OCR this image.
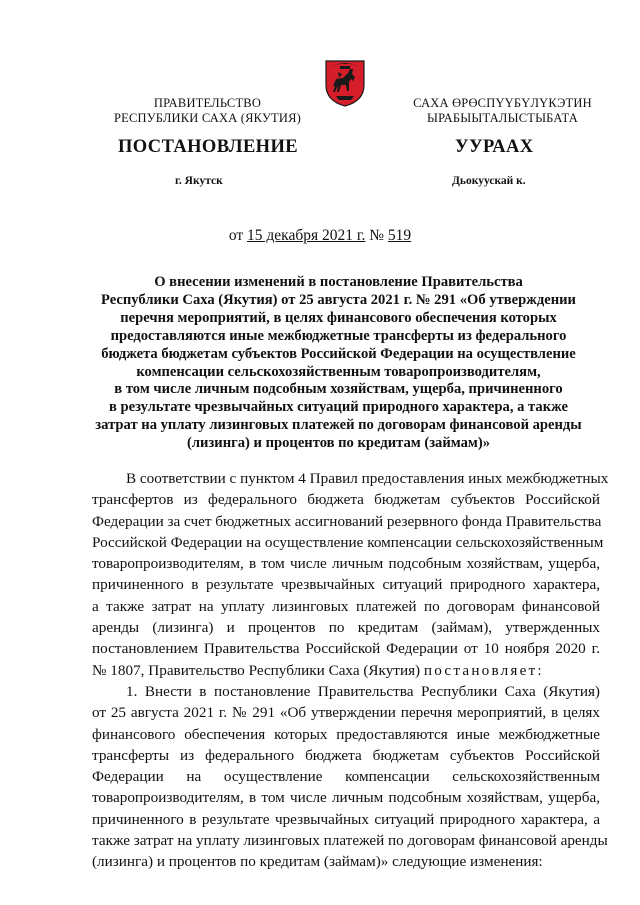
ПРАВИТЕЛЬСТВО
РЕСПУБЛИКИ САХА (ЯКУТИЯ)
САХА ӨРӨСПҮҮБҮЛҮКЭТИН
ЫРАБЫЫТАЛЫСТЫБАТА
ПОСТАНОВЛЕНИЕ	УУРААХ
г. Якутск	Дьокуускай к.
от 15 декабря 2021 г. № 519
О внесении изменений в постановление Правительства
Республики Саха (Якутия) от 25 августа 2021 г. № 291 «Об утверждении
перечня мероприятий, в целях финансового обеспечения которых
предоставляются иные межбюджетные трансферты из федерального
бюджета бюджетам субъектов Российской Федерации на осуществление
компенсации сельскохозяйственным товаропроизводителям,
в том числе личным подсобным хозяйствам, ущерба, причиненного
в результате чрезвычайных ситуаций природного характера, а также
затрат на уплату лизинговых платежей по договорам финансовой аренды
(лизинга) и процентов по кредитам (займам)»
В соответствии с пунктом 4 Правил предоставления иных межбюджетных
трансфертов из федерального бюджета бюджетам субъектов Российской
Федерации за счет бюджетных ассигнований резервного фонда Правительства
Российской Федерации на осуществление компенсации сельскохозяйственным
товаропроизводителям, в том числе личным подсобным хозяйствам, ущерба,
причиненного в результате чрезвычайных ситуаций природного характера,
а также затрат на уплату лизинговых платежей по договорам финансовой
аренды (лизинга) и процентов по кредитам (займам), утвержденных
постановлением Правительства Российской Федерации от 10 ноября 2020 г.
№ 1807, Правительство Республики Саха (Якутия) постановляет:
1. Внести в постановление Правительства Республики Саха (Якутия)
от 25 августа 2021 г. № 291 «Об утверждении перечня мероприятий, в целях
финансового обеспечения которых предоставляются иные межбюджетные
трансферты из федерального бюджета бюджетам субъектов Российской
Федерации на осуществление компенсации сельскохозяйственным
товаропроизводителям, в том числе личным подсобным хозяйствам, ущерба,
причиненного в результате чрезвычайных ситуаций природного характера, а
также затрат на уплату лизинговых платежей по договорам финансовой аренды
(лизинга) и процентов по кредитам (займам)» следующие изменения:
